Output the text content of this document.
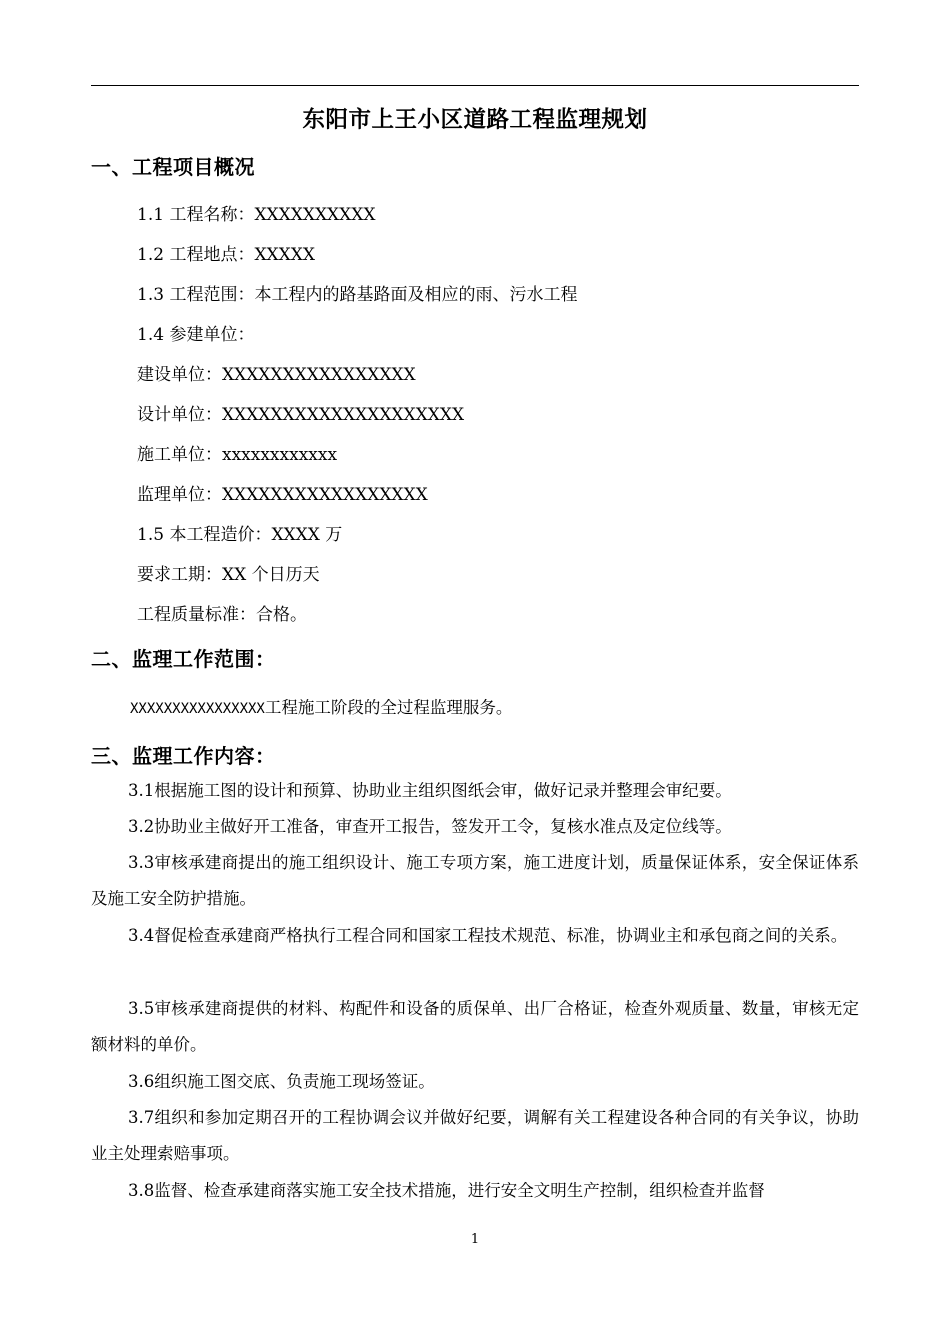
东阳市上王小区道路工程监理规划
一、工程项目概况
1.1 工程名称：XXXXXXXXXX
1.2 工程地点：XXXXX
1.3 工程范围：本工程内的路基路面及相应的雨、污水工程
1.4 参建单位：
建设单位：XXXXXXXXXXXXXXXX
设计单位：XXXXXXXXXXXXXXXXXXXX
施工单位：xxxxxxxxxxxx
监理单位：XXXXXXXXXXXXXXXXX
1.5 本工程造价：XXXX 万
要求工期：XX 个日历天
工程质量标准：合格。
二、监理工作范围：
XXXXXXXXXXXXXXXX工程施工阶段的全过程监理服务。
三、监理工作内容：

3.1根据施工图的设计和预算、协助业主组织图纸会审，做好记录并整理会审纪要。

3.2协助业主做好开工准备，审查开工报告，签发开工令，复核水准点及定位线等。

3.3审核承建商提出的施工组织设计、施工专项方案，施工进度计划，质量保证体系，安全保证体系及施工安全防护措施。

3.4督促检查承建商严格执行工程合同和国家工程技术规范、标准，协调业主和承包商之间的关系。

3.5审核承建商提供的材料、构配件和设备的质保单、出厂合格证，检查外观质量、数量，审核无定额材料的单价。

3.6组织施工图交底、负责施工现场签证。

3.7组织和参加定期召开的工程协调会议并做好纪要，调解有关工程建设各种合同的有关争议，协助业主处理索赔事项。

3.8监督、检查承建商落实施工安全技术措施，进行安全文明生产控制，组织检查并监督

1
